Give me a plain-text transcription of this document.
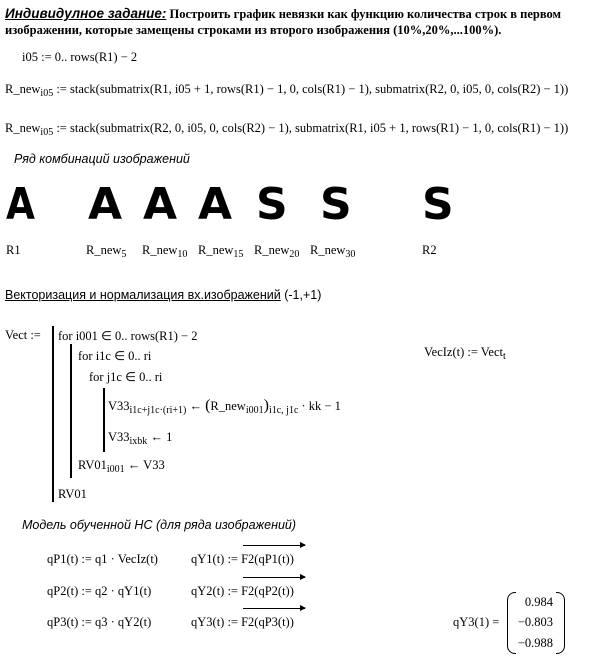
Индивидулное задание: Построить график невязки как функцию количества строк в первом
изображении, которые замещены строками из второго изображения (10%,20%,...100%).
i05 := 0.. rows(R1) − 2
R_new$_{i05}$ := stack(submatrix(R1, i05 + 1, rows(R1) − 1, 0, cols(R1) − 1), submatrix(R2, 0, i05, 0, cols(R2) − 1))
R_new$_{i05}$ := stack(submatrix(R2, 0, i05, 0, cols(R2) − 1), submatrix(R1, i05 + 1, rows(R1) − 1, 0, cols(R1) − 1))
Ряд комбинаций изображений
A A A A S S S
R1	R_new$_5$ R_new$_{10}$ R_new$_{15}$ R_new$_{20}$ R_new$_{30}$	R2
Векторизация и нормализация вх.изображений (-1,+1)
Vect := for i001 ∈ 0.. rows(R1) − 2
for i1c ∈ 0.. ri
for j1c ∈ 0.. ri
$V33_{i1c+j1c\cdot(ri+1)}$ ← $(R\_new_{i001})_{i1c, j1c}$ · kk − 1
$V33_{ixbk}$ ← 1
$RV01_{i001}$ ← V33
RV01
VecIz(t) := Vect$_t$
Модель обученной НС (для ряда изображений)
qP1(t) := q1 · VecIz(t)	qY1(t) := F2(qP1(t))
qP2(t) := q2 · qY1(t)	qY2(t) := F2(qP2(t))
qP3(t) := q3 · qY2(t)	qY3(t) := F2(qP3(t))	qY3(1) =
0.984
−0.803
−0.988
